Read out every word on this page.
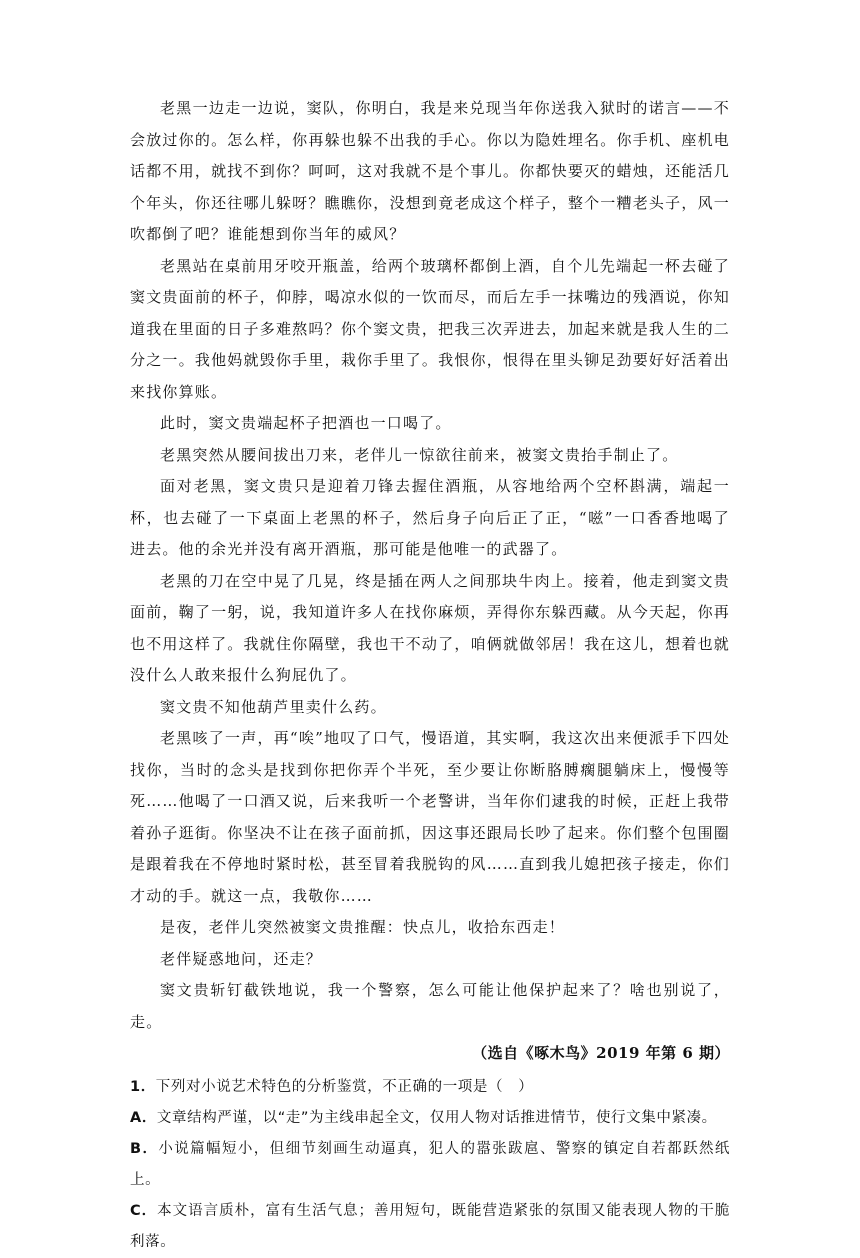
老黑一边走一边说，窦队，你明白，我是来兑现当年你送我入狱时的诺言——不会放过你的。怎么样，你再躲也躲不出我的手心。你以为隐姓埋名。你手机、座机电话都不用，就找不到你？呵呵，这对我就不是个事儿。你都快要灭的蜡烛，还能活几个年头，你还往哪儿躲呀？瞧瞧你，没想到竟老成这个样子，整个一糟老头子，风一吹都倒了吧？谁能想到你当年的威风？

老黑站在桌前用牙咬开瓶盖，给两个玻璃杯都倒上酒，自个儿先端起一杯去碰了窦文贵面前的杯子，仰脖，喝凉水似的一饮而尽，而后左手一抹嘴边的残酒说，你知道我在里面的日子多难熬吗？你个窦文贵，把我三次弄进去，加起来就是我人生的二分之一。我他妈就毁你手里，栽你手里了。我恨你，恨得在里头铆足劲要好好活着出来找你算账。

此时，窦文贵端起杯子把酒也一口喝了。

老黑突然从腰间拔出刀来，老伴儿一惊欲往前来，被窦文贵抬手制止了。

面对老黑，窦文贵只是迎着刀锋去握住酒瓶，从容地给两个空杯斟满，端起一杯，也去碰了一下桌面上老黑的杯子，然后身子向后正了正，“嗞”一口香香地喝了进去。他的余光并没有离开酒瓶，那可能是他唯一的武器了。

老黑的刀在空中晃了几晃，终是插在两人之间那块牛肉上。接着，他走到窦文贵面前，鞠了一躬，说，我知道许多人在找你麻烦，弄得你东躲西藏。从今天起，你再也不用这样了。我就住你隔壁，我也干不动了，咱俩就做邻居！我在这儿，想着也就没什么人敢来报什么狗屁仇了。

窦文贵不知他葫芦里卖什么药。

老黑咳了一声，再“唉”地叹了口气，慢语道，其实啊，我这次出来便派手下四处找你，当时的念头是找到你把你弄个半死，至少要让你断胳膊瘸腿躺床上，慢慢等死……他喝了一口酒又说，后来我听一个老警讲，当年你们逮我的时候，正赶上我带着孙子逛街。你坚决不让在孩子面前抓，因这事还跟局长吵了起来。你们整个包围圈是跟着我在不停地时紧时松，甚至冒着我脱钩的风……直到我儿媳把孩子接走，你们才动的手。就这一点，我敬你……

是夜，老伴儿突然被窦文贵推醒：快点儿，收拾东西走！

老伴疑惑地问，还走？

窦文贵斩钉截铁地说，我一个警察，怎么可能让他保护起来了？啥也别说了，走。

（选自《啄木鸟》2019 年第 6 期）

1．下列对小说艺术特色的分析鉴赏，不正确的一项是（　）

A．文章结构严谨，以“走”为主线串起全文，仅用人物对话推进情节，使行文集中紧凑。

B．小说篇幅短小，但细节刻画生动逼真，犯人的嚣张跋扈、警察的镇定自若都跃然纸上。

C．本文语言质朴，富有生活气息；善用短句，既能营造紧张的氛围又能表现人物的干脆利落。
